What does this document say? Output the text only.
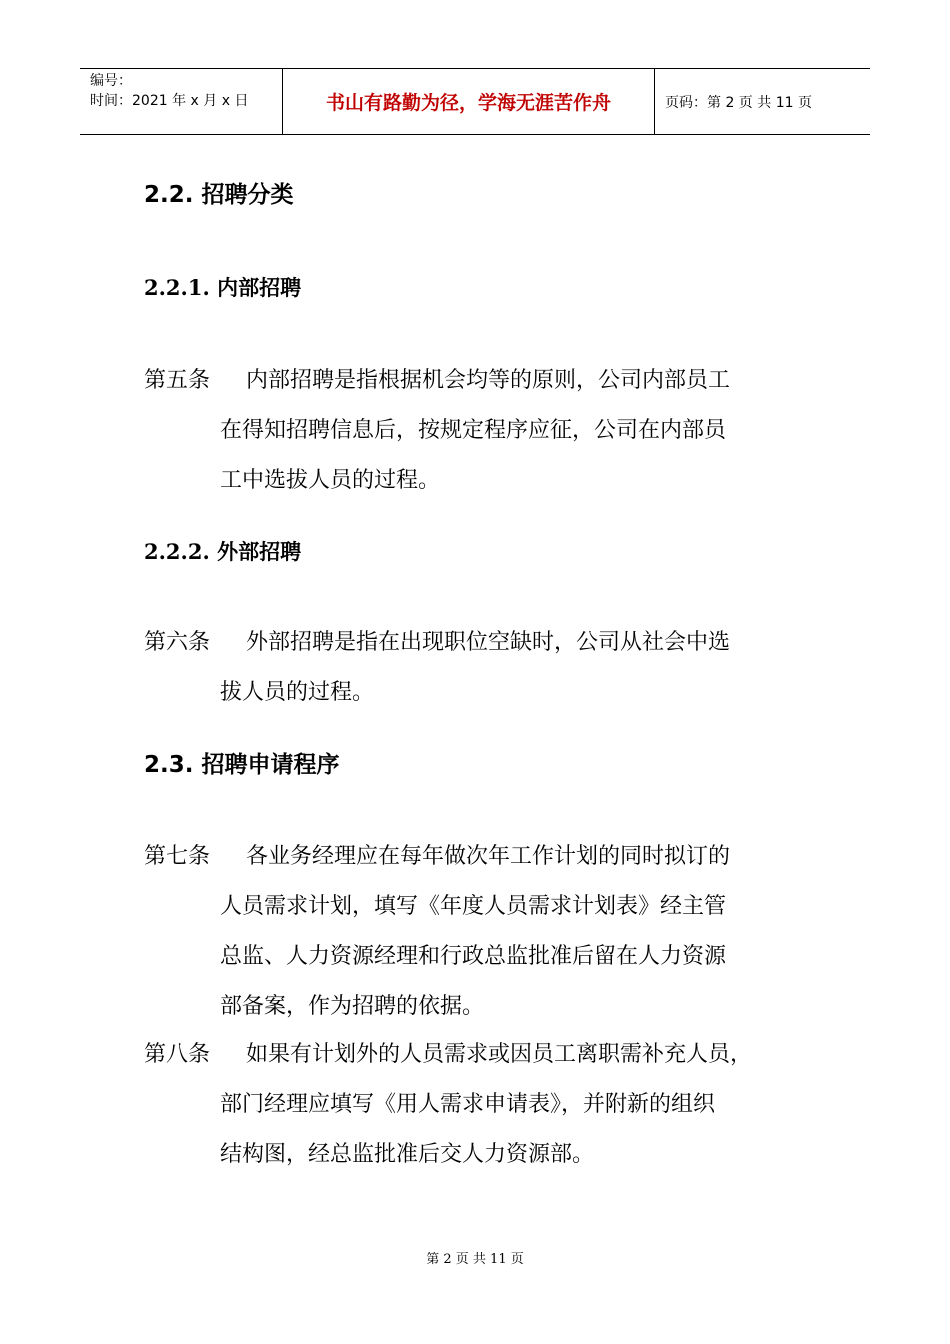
编号：
时间：2021 年 x 月 x 日	书山有路勤为径，学海无涯苦作舟	页码：第 2 页 共 11 页
2.2. 招聘分类
2.2.1. 内部招聘
第五条 内部招聘是指根据机会均等的原则，公司内部员工
在得知招聘信息后，按规定程序应征，公司在内部员
工中选拔人员的过程。
2.2.2. 外部招聘
第六条 外部招聘是指在出现职位空缺时，公司从社会中选
拔人员的过程。
2.3. 招聘申请程序
第七条 各业务经理应在每年做次年工作计划的同时拟订的
人员需求计划，填写《年度人员需求计划表》经主管
总监、人力资源经理和行政总监批准后留在人力资源
部备案，作为招聘的依据。
第八条 如果有计划外的人员需求或因员工离职需补充人员，
部门经理应填写《用人需求申请表》，并附新的组织
结构图，经总监批准后交人力资源部。
第 2 页 共 11 页
